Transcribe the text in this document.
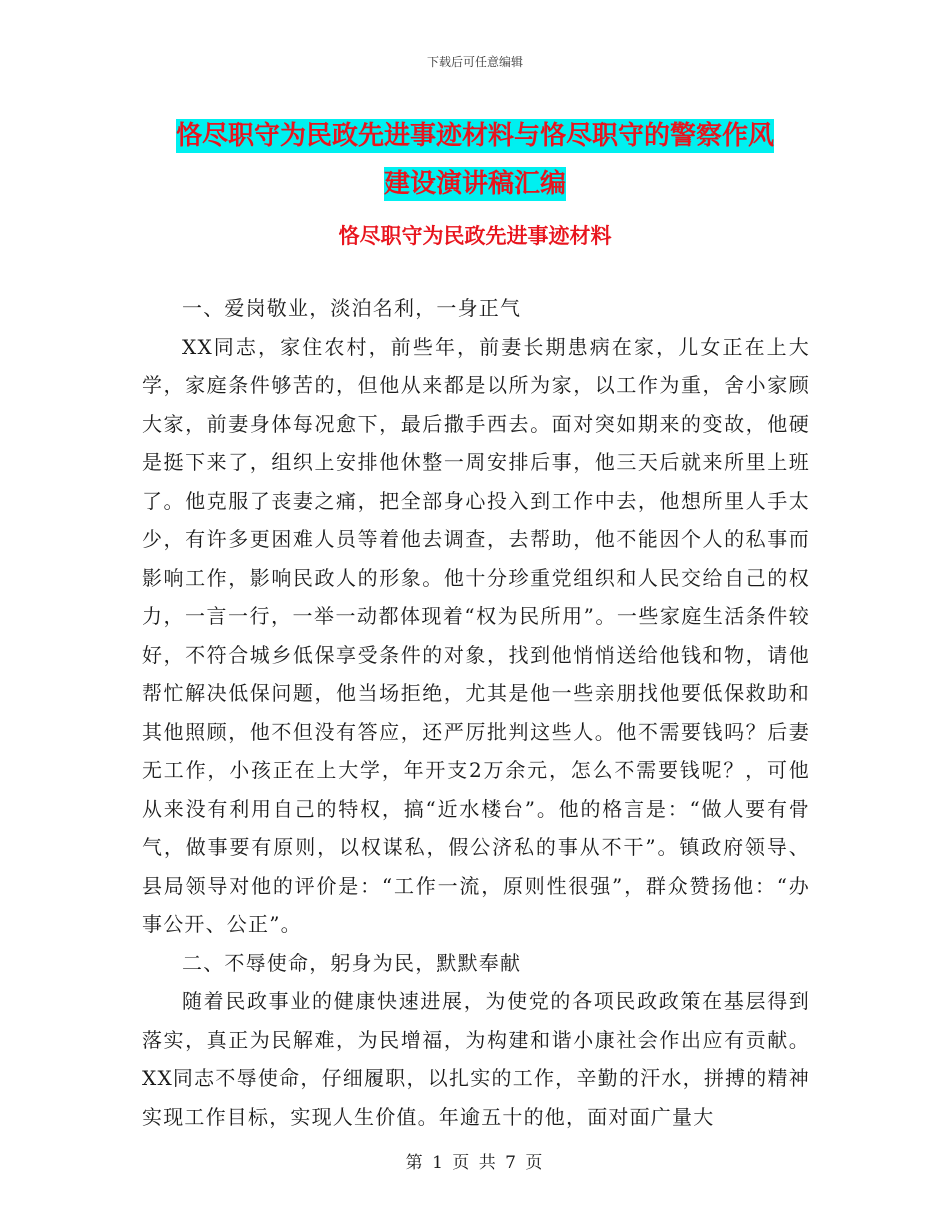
下载后可任意编辑
恪尽职守为民政先进事迹材料与恪尽职守的警察作风
建设演讲稿汇编
恪尽职守为民政先进事迹材料

一、爱岗敬业，淡泊名利，一身正气

XX同志，家住农村，前些年，前妻长期患病在家，儿女正在上大学，家庭条件够苦的，但他从来都是以所为家，以工作为重，舍小家顾大家，前妻身体每况愈下，最后撒手西去。面对突如期来的变故，他硬是挺下来了，组织上安排他休整一周安排后事，他三天后就来所里上班了。他克服了丧妻之痛，把全部身心投入到工作中去，他想所里人手太少，有许多更困难人员等着他去调查，去帮助，他不能因个人的私事而影响工作，影响民政人的形象。他十分珍重党组织和人民交给自己的权力，一言一行，一举一动都体现着“权为民所用”。一些家庭生活条件较好，不符合城乡低保享受条件的对象，找到他悄悄送给他钱和物，请他帮忙解决低保问题，他当场拒绝，尤其是他一些亲朋找他要低保救助和其他照顾，他不但没有答应，还严厉批判这些人。他不需要钱吗？后妻无工作，小孩正在上大学，年开支2万余元，怎么不需要钱呢？，可他从来没有利用自己的特权，搞“近水楼台”。他的格言是：“做人要有骨气，做事要有原则，以权谋私，假公济私的事从不干”。镇政府领导、县局领导对他的评价是：“工作一流，原则性很强”，群众赞扬他：“办事公开、公正”。

二、不辱使命，躬身为民，默默奉献

随着民政事业的健康快速进展，为使党的各项民政政策在基层得到落实，真正为民解难，为民增福，为构建和谐小康社会作出应有贡献。XX同志不辱使命，仔细履职，以扎实的工作，辛勤的汗水，拼搏的精神实现工作目标，实现人生价值。年逾五十的他，面对面广量大

第 1 页 共 7 页
